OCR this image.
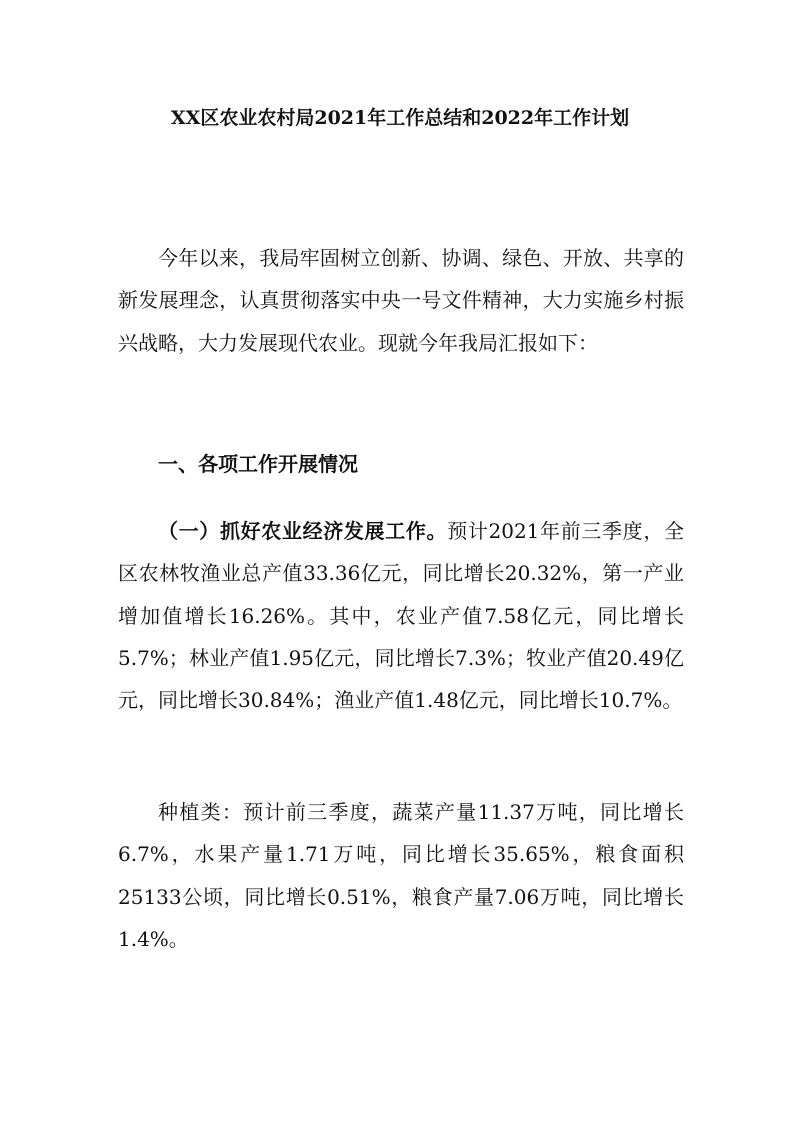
XX区农业农村局2021年工作总结和2022年工作计划

今年以来，我局牢固树立创新、协调、绿色、开放、共享的新发展理念，认真贯彻落实中央一号文件精神，大力实施乡村振兴战略，大力发展现代农业。现就今年我局汇报如下：

一、各项工作开展情况

（一）抓好农业经济发展工作。预计2021年前三季度，全区农林牧渔业总产值33.36亿元，同比增长20.32%，第一产业增加值增长16.26%。其中，农业产值7.58亿元，同比增长5.7%；林业产值1.95亿元，同比增长7.3%；牧业产值20.49亿元，同比增长30.84%；渔业产值1.48亿元，同比增长10.7%。

种植类：预计前三季度，蔬菜产量11.37万吨，同比增长6.7%，水果产量1.71万吨，同比增长35.65%，粮食面积25133公顷，同比增长0.51%，粮食产量7.06万吨，同比增长1.4%。
